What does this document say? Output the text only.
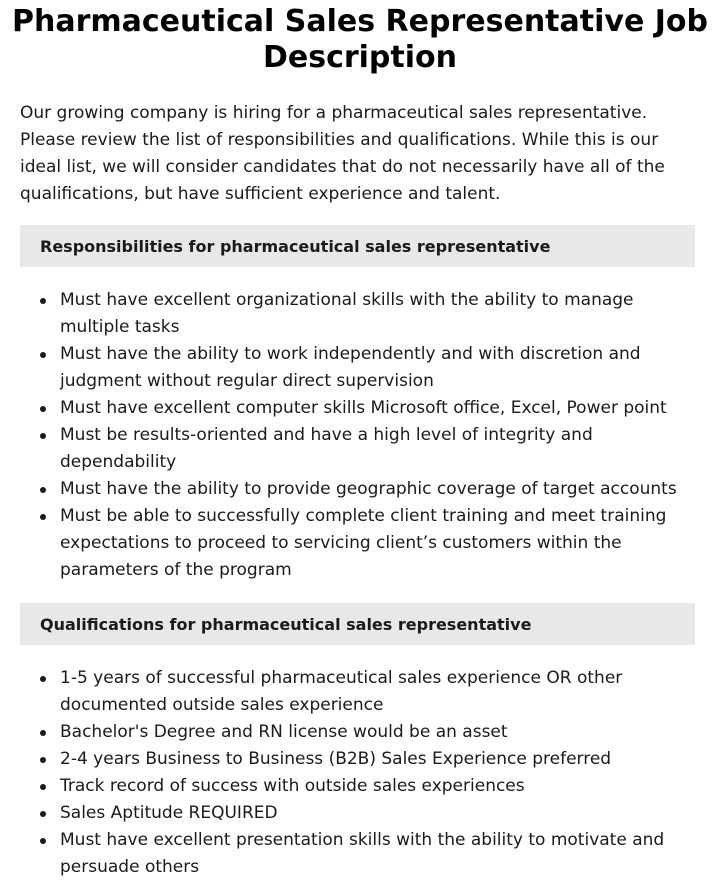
Pharmaceutical Sales Representative Job Description

Our growing company is hiring for a pharmaceutical sales representative. Please review the list of responsibilities and qualifications. While this is our ideal list, we will consider candidates that do not necessarily have all of the qualifications, but have sufficient experience and talent.

Responsibilities for pharmaceutical sales representative
Must have excellent organizational skills with the ability to manage multiple tasks
Must have the ability to work independently and with discretion and judgment without regular direct supervision
Must have excellent computer skills Microsoft office, Excel, Power point
Must be results-oriented and have a high level of integrity and dependability
Must have the ability to provide geographic coverage of target accounts
Must be able to successfully complete client training and meet training expectations to proceed to servicing client’s customers within the parameters of the program
Qualifications for pharmaceutical sales representative
1-5 years of successful pharmaceutical sales experience OR other documented outside sales experience
Bachelor's Degree and RN license would be an asset
2-4 years Business to Business (B2B) Sales Experience preferred
Track record of success with outside sales experiences
Sales Aptitude REQUIRED
Must have excellent presentation skills with the ability to motivate and persuade others
